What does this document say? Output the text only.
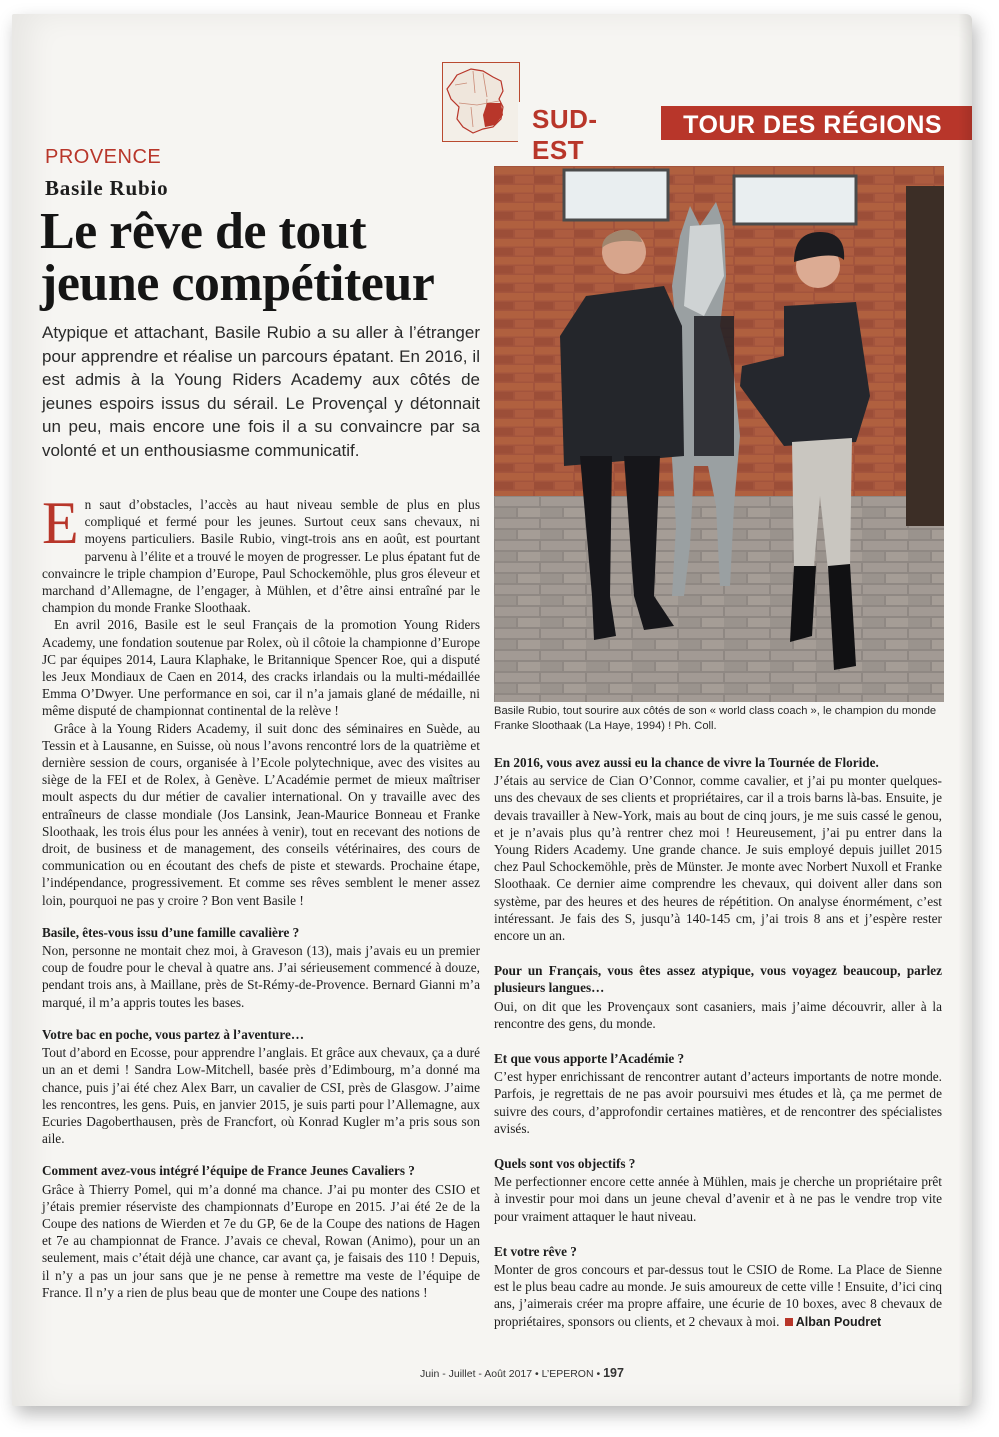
SUD-EST
TOUR DES RÉGIONS
PROVENCE
Basile Rubio
Le rêve de tout jeune compétiteur

Atypique et attachant, Basile Rubio a su aller à l’étranger pour apprendre et réalise un parcours épatant. En 2016, il est admis à la Young Riders Academy aux côtés de jeunes espoirs issus du sérail. Le Provençal y détonnait un peu, mais encore une fois il a su convaincre par sa volonté et un enthousiasme communicatif.

En saut d’obstacles, l’accès au haut niveau semble de plus en plus compliqué et fermé pour les jeunes. Surtout ceux sans chevaux, ni moyens particuliers. Basile Rubio, vingt-trois ans en août, est pourtant parvenu à l’élite et a trouvé le moyen de progresser. Le plus épatant fut de convaincre le triple champion d’Europe, Paul Schockemöhle, plus gros éleveur et marchand d’Allemagne, de l’engager, à Mühlen, et d’être ainsi entraîné par le champion du monde Franke Sloothaak.

En avril 2016, Basile est le seul Français de la promotion Young Riders Academy, une fondation soutenue par Rolex, où il côtoie la championne d’Europe JC par équipes 2014, Laura Klaphake, le Britannique Spencer Roe, qui a disputé les Jeux Mondiaux de Caen en 2014, des cracks irlandais ou la multi-médaillée Emma O’Dwyer. Une performance en soi, car il n’a jamais glané de médaille, ni même disputé de championnat continental de la relève !

Grâce à la Young Riders Academy, il suit donc des séminaires en Suède, au Tessin et à Lausanne, en Suisse, où nous l’avons rencontré lors de la quatrième et dernière session de cours, organisée à l’Ecole polytechnique, avec des visites au siège de la FEI et de Rolex, à Genève. L’Académie permet de mieux maîtriser moult aspects du dur métier de cavalier international. On y travaille avec des entraîneurs de classe mondiale (Jos Lansink, Jean-Maurice Bonneau et Franke Sloothaak, les trois élus pour les années à venir), tout en recevant des notions de droit, de business et de management, des conseils vétérinaires, des cours de communication ou en écoutant des chefs de piste et stewards. Prochaine étape, l’indépendance, progressivement. Et comme ses rêves semblent le mener assez loin, pourquoi ne pas y croire ? Bon vent Basile !

Basile, êtes-vous issu d’une famille cavalière ?

Non, personne ne montait chez moi, à Graveson (13), mais j’avais eu un premier coup de foudre pour le cheval à quatre ans. J’ai sérieusement commencé à douze, pendant trois ans, à Maillane, près de St-Rémy-de-Provence. Bernard Gianni m’a marqué, il m’a appris toutes les bases.

Votre bac en poche, vous partez à l’aventure…

Tout d’abord en Ecosse, pour apprendre l’anglais. Et grâce aux chevaux, ça a duré un an et demi ! Sandra Low-Mitchell, basée près d’Edimbourg, m’a donné ma chance, puis j’ai été chez Alex Barr, un cavalier de CSI, près de Glasgow. J’aime les rencontres, les gens. Puis, en janvier 2015, je suis parti pour l’Allemagne, aux Ecuries Dagoberthausen, près de Francfort, où Konrad Kugler m’a pris sous son aile.

Comment avez-vous intégré l’équipe de France Jeunes Cavaliers ?

Grâce à Thierry Pomel, qui m’a donné ma chance. J’ai pu monter des CSIO et j’étais premier réserviste des championnats d’Europe en 2015. J’ai été 2e de la Coupe des nations de Wierden et 7e du GP, 6e de la Coupe des nations de Hagen et 7e au championnat de France. J’avais ce cheval, Rowan (Animo), pour un an seulement, mais c’était déjà une chance, car avant ça, je faisais des 110 ! Depuis, il n’y a pas un jour sans que je ne pense à remettre ma veste de l’équipe de France. Il n’y a rien de plus beau que de monter une Coupe des nations !

Basile Rubio, tout sourire aux côtés de son « world class coach », le champion du monde Franke Sloothaak (La Haye, 1994) ! Ph. Coll.

En 2016, vous avez aussi eu la chance de vivre la Tournée de Floride.

J’étais au service de Cian O’Connor, comme cavalier, et j’ai pu monter quelques-uns des chevaux de ses clients et propriétaires, car il a trois barns là-bas. Ensuite, je devais travailler à New-York, mais au bout de cinq jours, je me suis cassé le genou, et je n’avais plus qu’à rentrer chez moi ! Heureusement, j’ai pu entrer dans la Young Riders Academy. Une grande chance. Je suis employé depuis juillet 2015 chez Paul Schockemöhle, près de Münster. Je monte avec Norbert Nuxoll et Franke Sloothaak. Ce dernier aime comprendre les chevaux, qui doivent aller dans son système, par des heures et des heures de répétition. On analyse énormément, c’est intéressant. Je fais des S, jusqu’à 140-145 cm, j’ai trois 8 ans et j’espère rester encore un an.

Pour un Français, vous êtes assez atypique, vous voyagez beaucoup, parlez plusieurs langues…

Oui, on dit que les Provençaux sont casaniers, mais j’aime découvrir, aller à la rencontre des gens, du monde.

Et que vous apporte l’Académie ?

C’est hyper enrichissant de rencontrer autant d’acteurs importants de notre monde. Parfois, je regrettais de ne pas avoir poursuivi mes études et là, ça me permet de suivre des cours, d’approfondir certaines matières, et de rencontrer des spécialistes avisés.

Quels sont vos objectifs ?

Me perfectionner encore cette année à Mühlen, mais je cherche un propriétaire prêt à investir pour moi dans un jeune cheval d’avenir et à ne pas le vendre trop vite pour vraiment attaquer le haut niveau.

Et votre rêve ?

Monter de gros concours et par-dessus tout le CSIO de Rome. La Place de Sienne est le plus beau cadre au monde. Je suis amoureux de cette ville ! Ensuite, d’ici cinq ans, j’aimerais créer ma propre affaire, une écurie de 10 boxes, avec 8 chevaux de propriétaires, sponsors ou clients, et 2 chevaux à moi. Alban Poudret

Juin - Juillet - Août 2017 • L’EPERON • 197
